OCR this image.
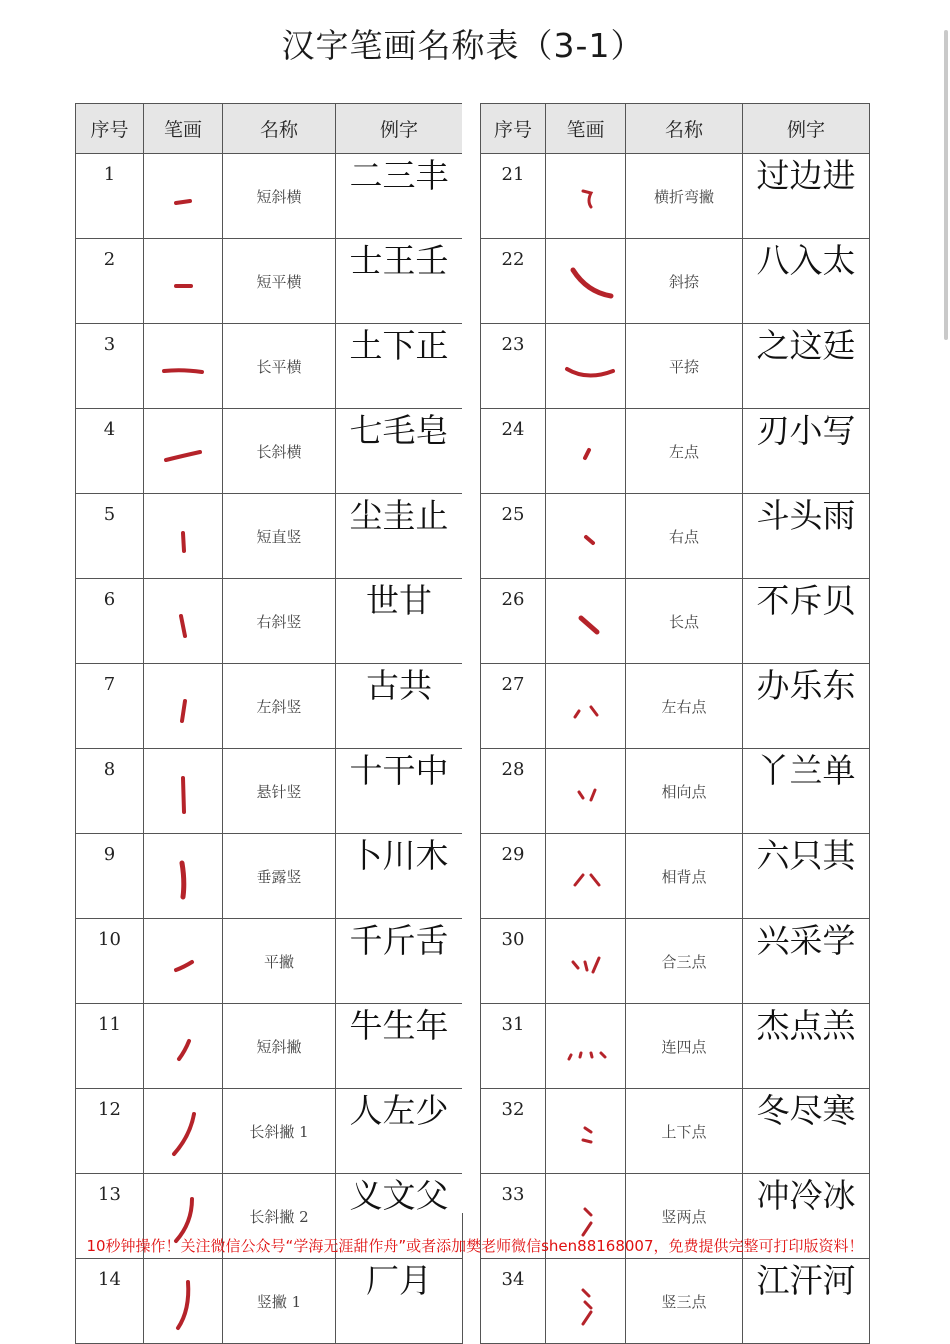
汉字笔画名称表（3-1）
序号	笔画	名称	例字
1		短斜横	二三丰
2		短平横	士王壬
3		长平横	土下正
4		长斜横	七毛皂
5		短直竖	尘圭止
6		右斜竖	世甘
7		左斜竖	古共
8		悬针竖	十干中
9		垂露竖	卜川木
10		平撇	千斤舌
11		短斜撇	牛生年
12		长斜撇 1	人左少
13		长斜撇 2	义文父
14		竖撇 1	厂月
序号	笔画	名称	例字
21		横折弯撇	过边进
22		斜捺	八入太
23		平捺	之这廷
24		左点	刃小写
25		右点	斗头雨
26		长点	不斥贝
27		左右点	办乐东
28		相向点	丫兰单
29		相背点	六只其
30		合三点	兴采学
31		连四点	杰点羔
32		上下点	冬尽寒
33		竖两点	冲冷冰
34		竖三点	江汗河
10秒钟操作！关注微信公众号“学海无涯甜作舟”或者添加樊老师微信shen88168007，免费提供完整可打印版资料！
